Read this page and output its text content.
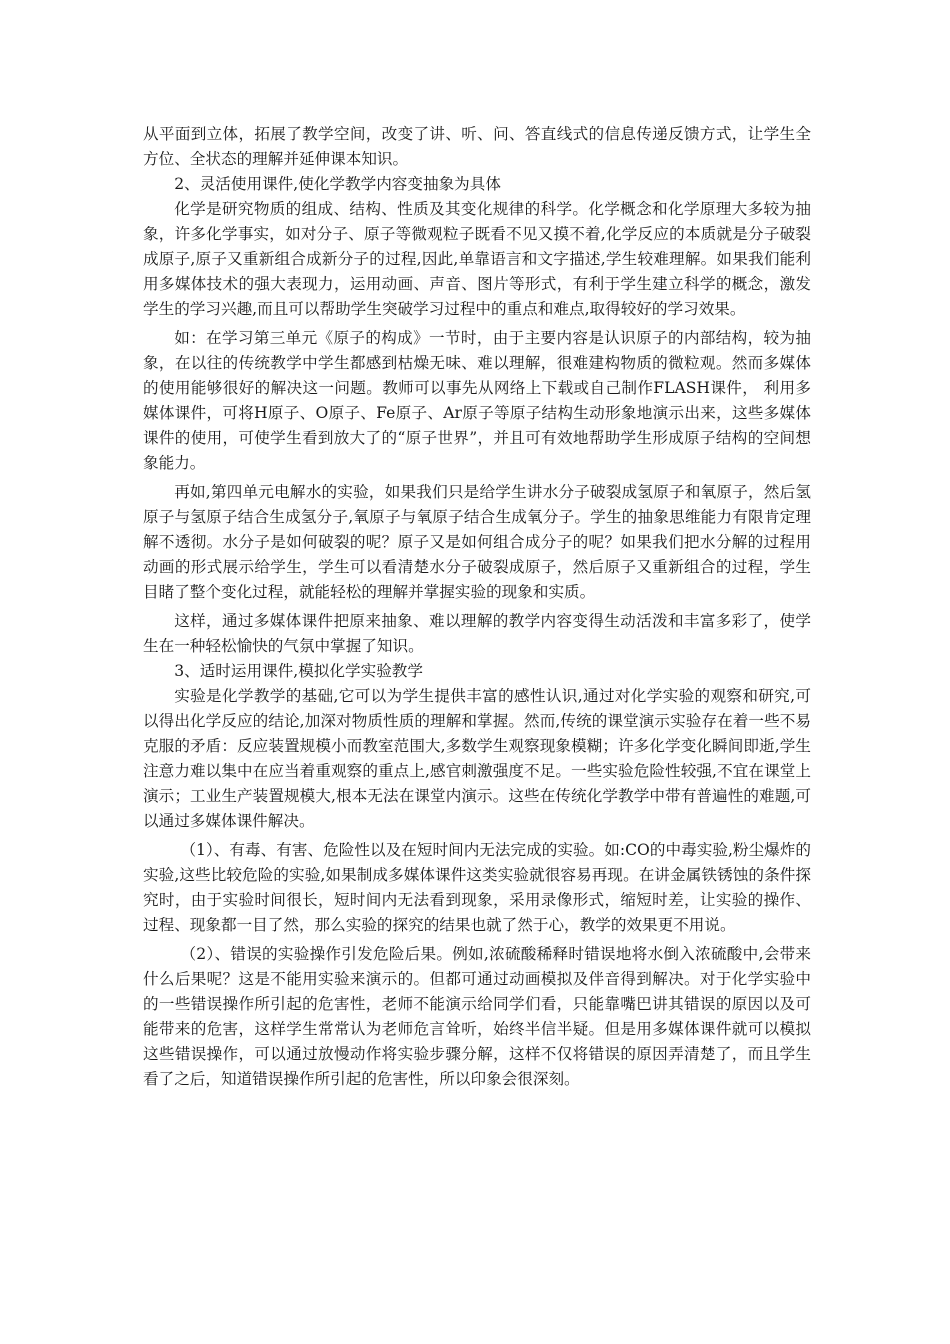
从平面到立体，拓展了教学空间，改变了讲、听、问、答直线式的信息传递反馈方式，让学生全方位、全状态的理解并延伸课本知识。

2、灵活使用课件,使化学教学内容变抽象为具体

化学是研究物质的组成、结构、性质及其变化规律的科学。化学概念和化学原理大多较为抽象，许多化学事实，如对分子、原子等微观粒子既看不见又摸不着,化学反应的本质就是分子破裂成原子,原子又重新组合成新分子的过程,因此,单靠语言和文字描述,学生较难理解。如果我们能利用多媒体技术的强大表现力，运用动画、声音、图片等形式，有利于学生建立科学的概念，激发学生的学习兴趣,而且可以帮助学生突破学习过程中的重点和难点,取得较好的学习效果。

如：在学习第三单元《原子的构成》一节时，由于主要内容是认识原子的内部结构，较为抽象，在以往的传统教学中学生都感到枯燥无味、难以理解，很难建构物质的微粒观。然而多媒体的使用能够很好的解决这一问题。教师可以事先从网络上下载或自己制作FLASH课件， 利用多媒体课件，可将H原子、O原子、Fe原子、Ar原子等原子结构生动形象地演示出来，这些多媒体课件的使用，可使学生看到放大了的“原子世界”，并且可有效地帮助学生形成原子结构的空间想象能力。

再如,第四单元电解水的实验，如果我们只是给学生讲水分子破裂成氢原子和氧原子，然后氢原子与氢原子结合生成氢分子,氧原子与氧原子结合生成氧分子。学生的抽象思维能力有限肯定理解不透彻。水分子是如何破裂的呢？原子又是如何组合成分子的呢？如果我们把水分解的过程用动画的形式展示给学生，学生可以看清楚水分子破裂成原子，然后原子又重新组合的过程，学生目睹了整个变化过程，就能轻松的理解并掌握实验的现象和实质。

这样，通过多媒体课件把原来抽象、难以理解的教学内容变得生动活泼和丰富多彩了，使学生在一种轻松愉快的气氛中掌握了知识。

3、适时运用课件,模拟化学实验教学

实验是化学教学的基础,它可以为学生提供丰富的感性认识,通过对化学实验的观察和研究,可以得出化学反应的结论,加深对物质性质的理解和掌握。然而,传统的课堂演示实验存在着一些不易克服的矛盾：反应装置规模小而教室范围大,多数学生观察现象模糊；许多化学变化瞬间即逝,学生注意力难以集中在应当着重观察的重点上,感官刺激强度不足。一些实验危险性较强,不宜在课堂上演示；工业生产装置规模大,根本无法在课堂内演示。这些在传统化学教学中带有普遍性的难题,可以通过多媒体课件解决。

（1）、有毒、有害、危险性以及在短时间内无法完成的实验。如:CO的中毒实验,粉尘爆炸的实验,这些比较危险的实验,如果制成多媒体课件这类实验就很容易再现。在讲金属铁锈蚀的条件探究时，由于实验时间很长，短时间内无法看到现象，采用录像形式，缩短时差，让实验的操作、过程、现象都一目了然，那么实验的探究的结果也就了然于心，教学的效果更不用说。

（2）、错误的实验操作引发危险后果。例如,浓硫酸稀释时错误地将水倒入浓硫酸中,会带来什么后果呢？这是不能用实验来演示的。但都可通过动画模拟及伴音得到解决。对于化学实验中的一些错误操作所引起的危害性，老师不能演示给同学们看，只能靠嘴巴讲其错误的原因以及可能带来的危害，这样学生常常认为老师危言耸听，始终半信半疑。但是用多媒体课件就可以模拟这些错误操作，可以通过放慢动作将实验步骤分解，这样不仅将错误的原因弄清楚了，而且学生看了之后，知道错误操作所引起的危害性，所以印象会很深刻。
